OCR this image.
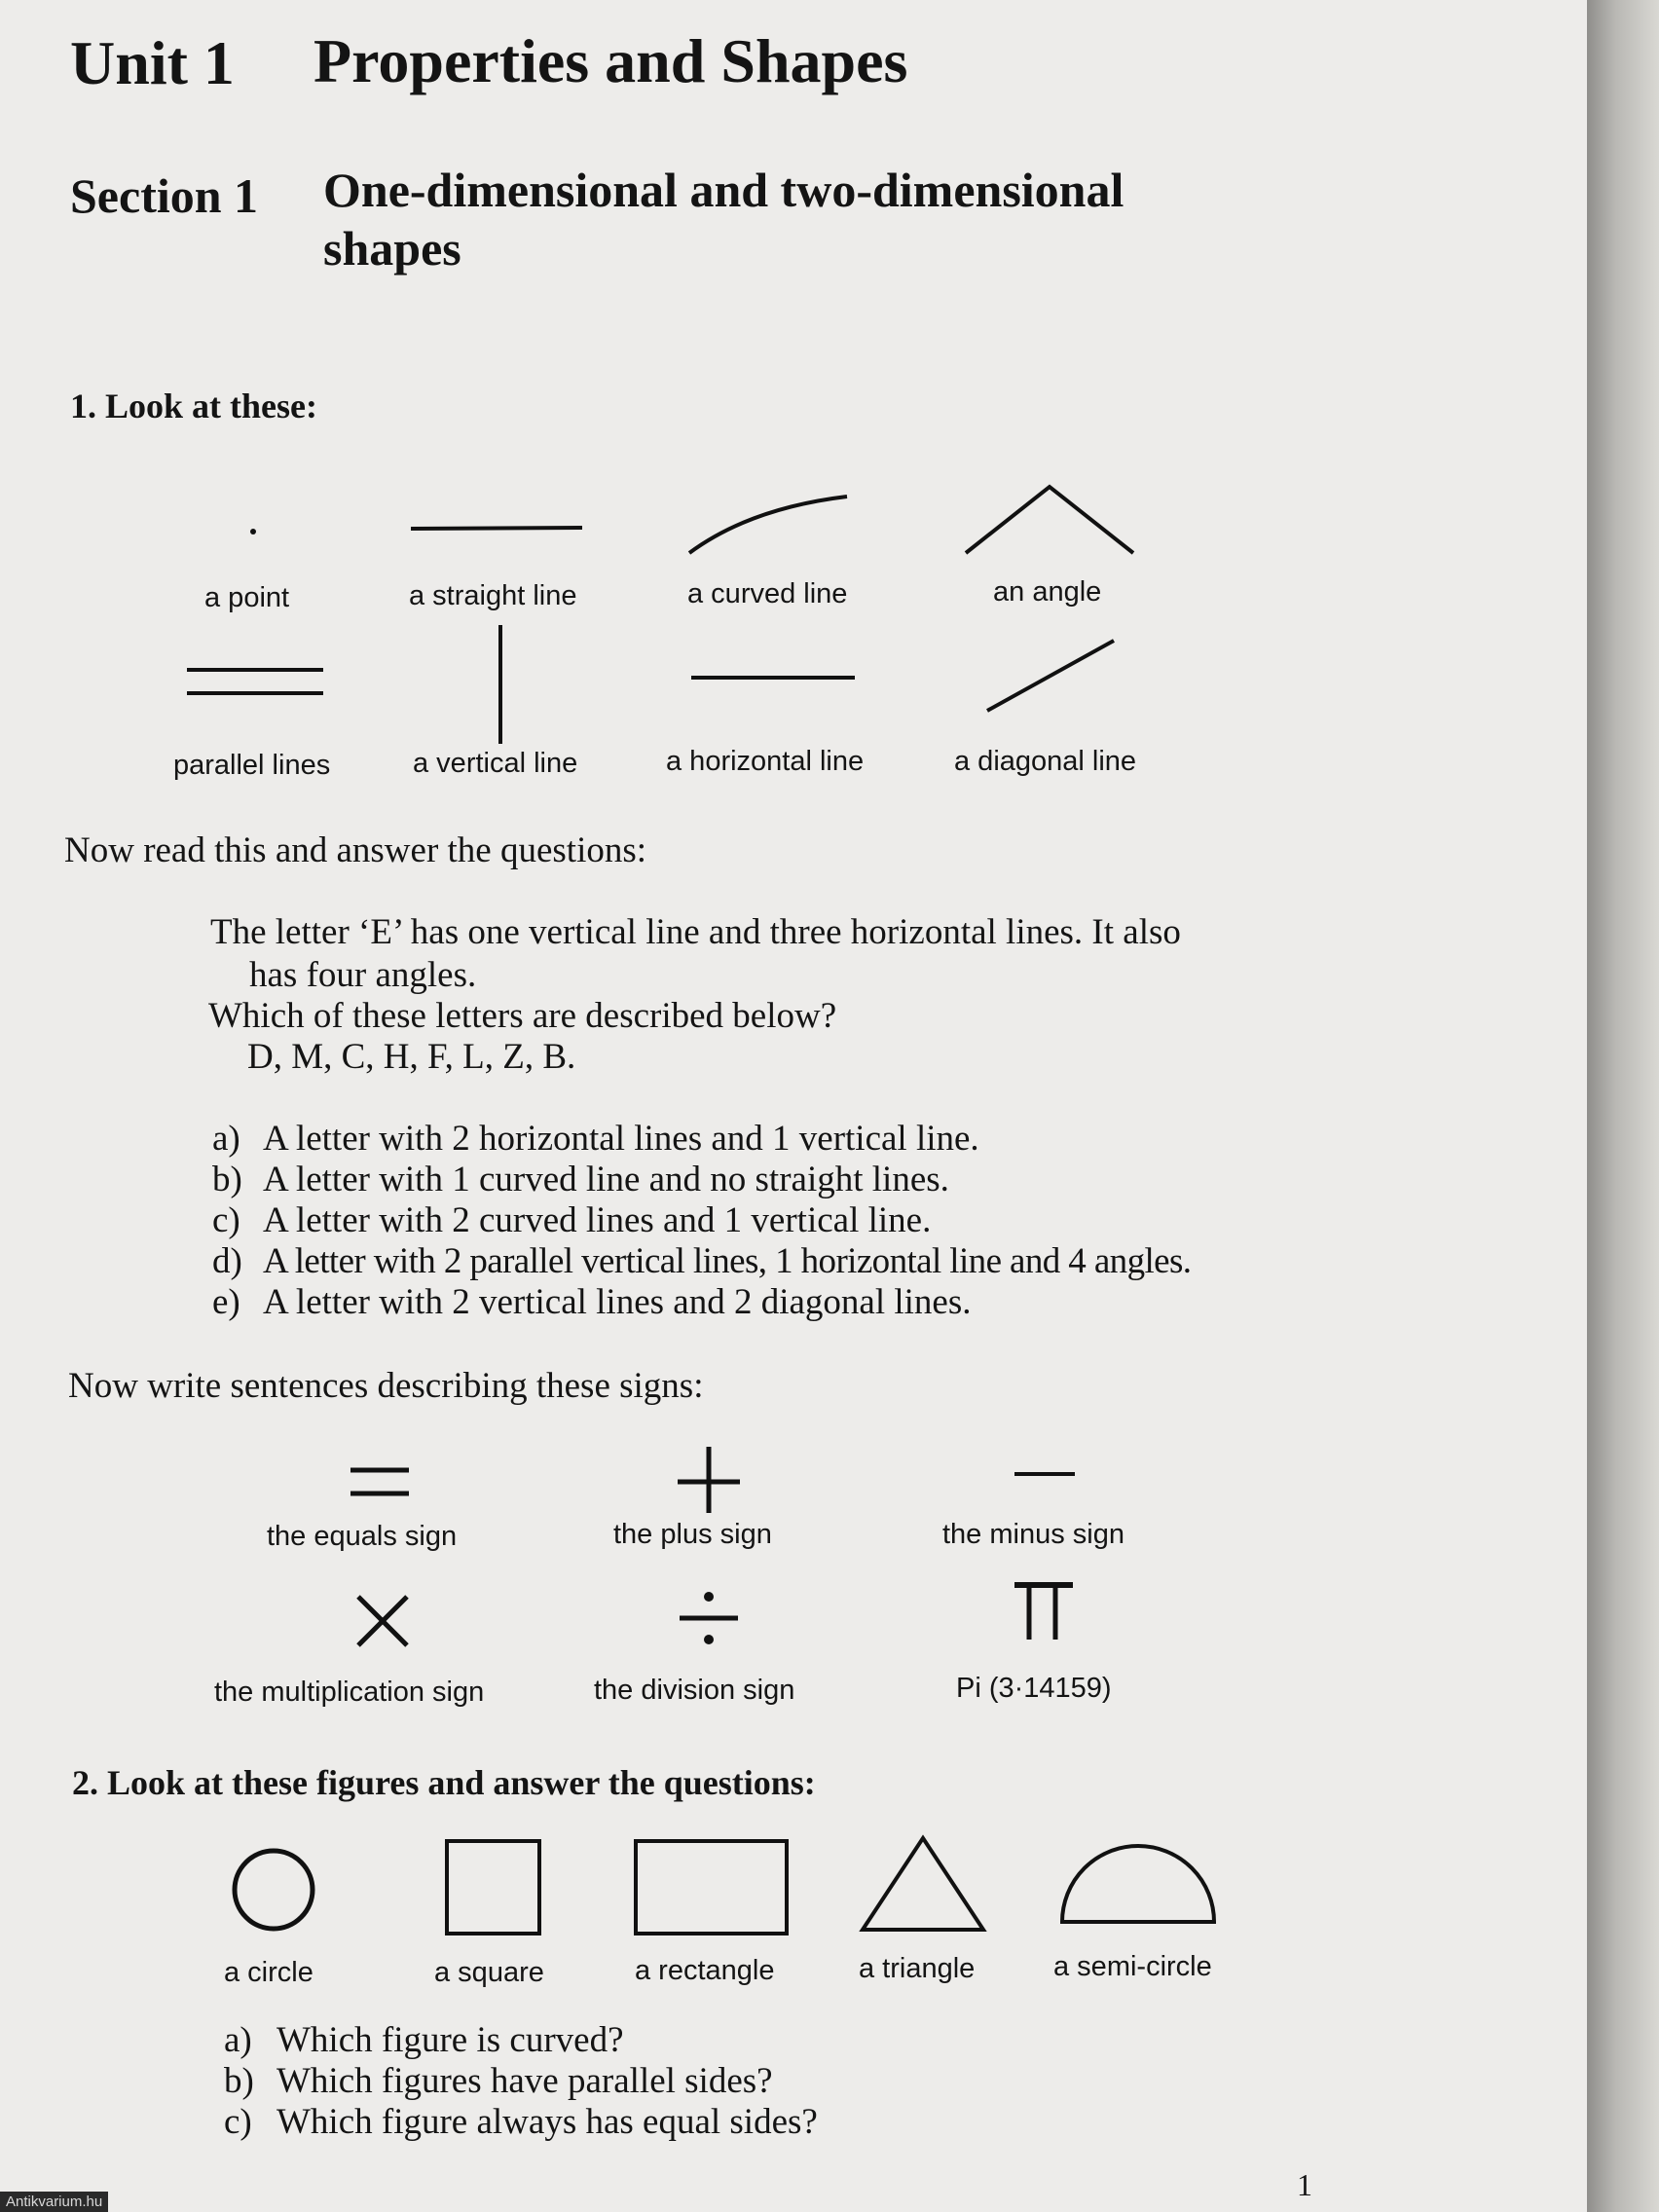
Unit 1 Properties and Shapes
Section 1 One-dimensional and two-dimensional
shapes
1. Look at these:
a point	a straight line	a curved line	an angle
parallel lines	a vertical line	a horizontal line	a diagonal line
Now read this and answer the questions:
The letter ‘E’ has one vertical line and three horizontal lines. It also
has four angles.
Which of these letters are described below?
D, M, C, H, F, L, Z, B.
a) A letter with 2 horizontal lines and 1 vertical line.
b) A letter with 1 curved line and no straight lines.
c) A letter with 2 curved lines and 1 vertical line.
d) A letter with 2 parallel vertical lines, 1 horizontal line and 4 angles.
e) A letter with 2 vertical lines and 2 diagonal lines.
Now write sentences describing these signs:
the equals sign	the plus sign	the minus sign
the multiplication sign	the division sign	Pi (3·14159)
2. Look at these figures and answer the questions:
a circle	a square	a rectangle	a triangle	a semi-circle
a) Which figure is curved?
b) Which figures have parallel sides?
c) Which figure always has equal sides?
1
Antikvarium.hu
